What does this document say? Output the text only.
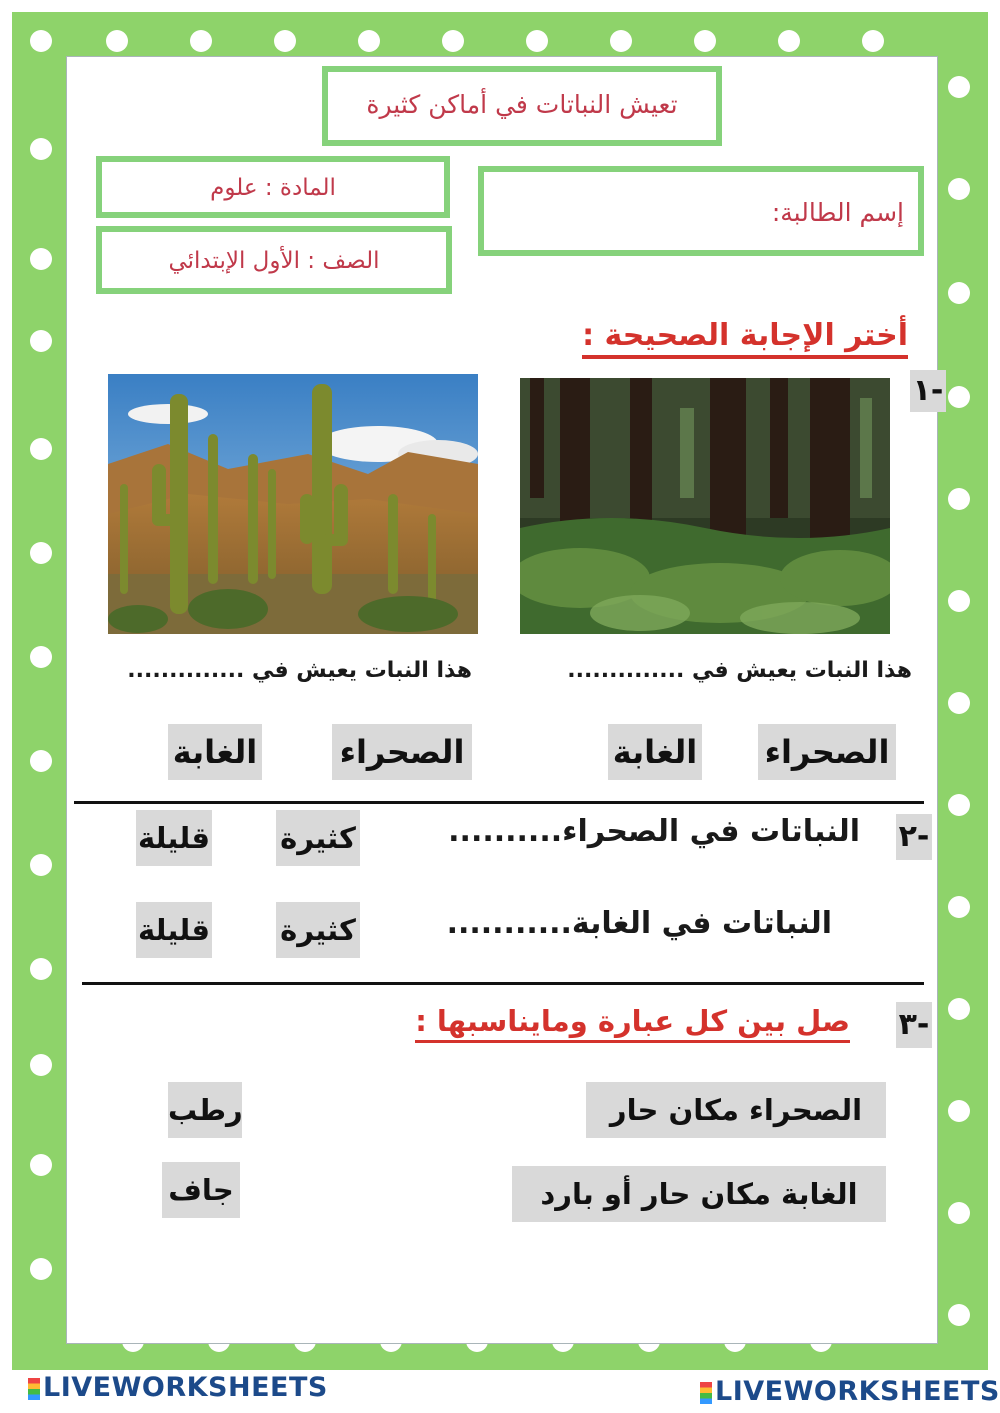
تعيش النباتات في أماكن كثيرة
المادة : علوم
الصف : الأول الإبتدائي
إسم الطالبة:
أختر الإجابة الصحيحة :
١-
هذا النبات يعيش في ..............
هذا النبات يعيش في ..............
الصحراء
الغابة
الصحراء
الغابة
٢-
النباتات في الصحراء..........
النباتات في الغابة...........
كثيرة
قليلة
كثيرة
قليلة
٣-
صل بين كل عبارة ومايناسبها :
الصحراء مكان حار
الغابة مكان حار أو بارد
رطب
جاف
LIVEWORKSHEETS	LIVEWORKSHEETS
